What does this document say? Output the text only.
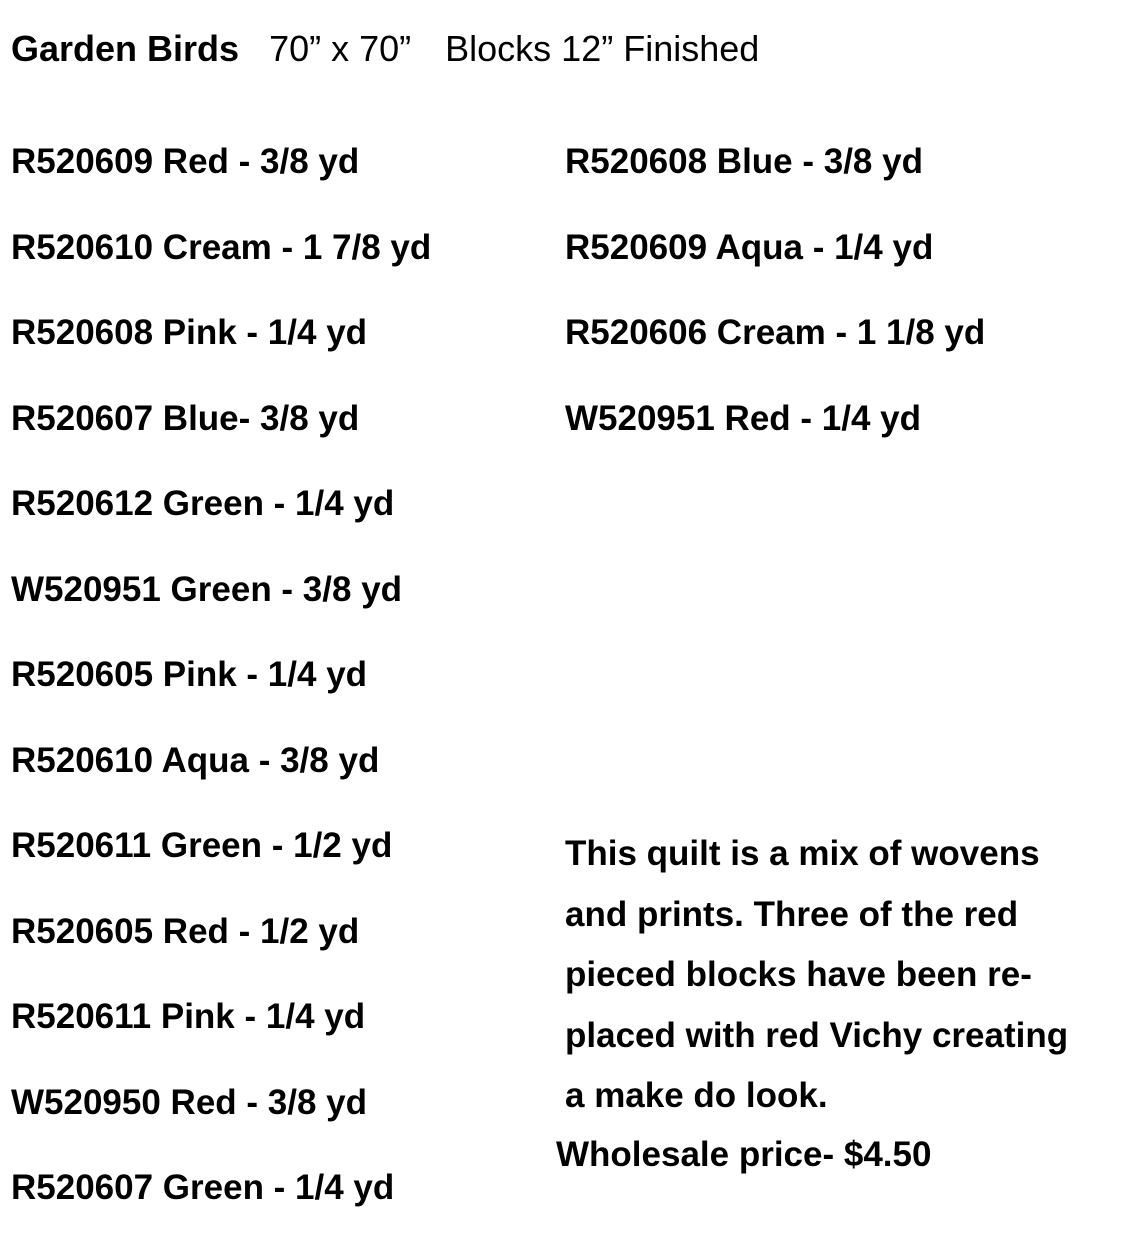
Garden Birds 70” x 70” Blocks 12” Finished
R520609 Red - 3/8 yd
R520610 Cream - 1 7/8 yd
R520608 Pink - 1/4 yd
R520607 Blue- 3/8 yd
R520612 Green - 1/4 yd
W520951 Green - 3/8 yd
R520605 Pink - 1/4 yd
R520610 Aqua - 3/8 yd
R520611 Green - 1/2 yd
R520605 Red - 1/2 yd
R520611 Pink - 1/4 yd
W520950 Red - 3/8 yd
R520607 Green - 1/4 yd
R520608 Blue - 3/8 yd
R520609 Aqua - 1/4 yd
R520606 Cream - 1 1/8 yd
W520951 Red - 1/4 yd
This quilt is a mix of wovens
and prints. Three of the red
pieced blocks have been re-
placed with red Vichy creating
a make do look.
Wholesale price- $4.50
